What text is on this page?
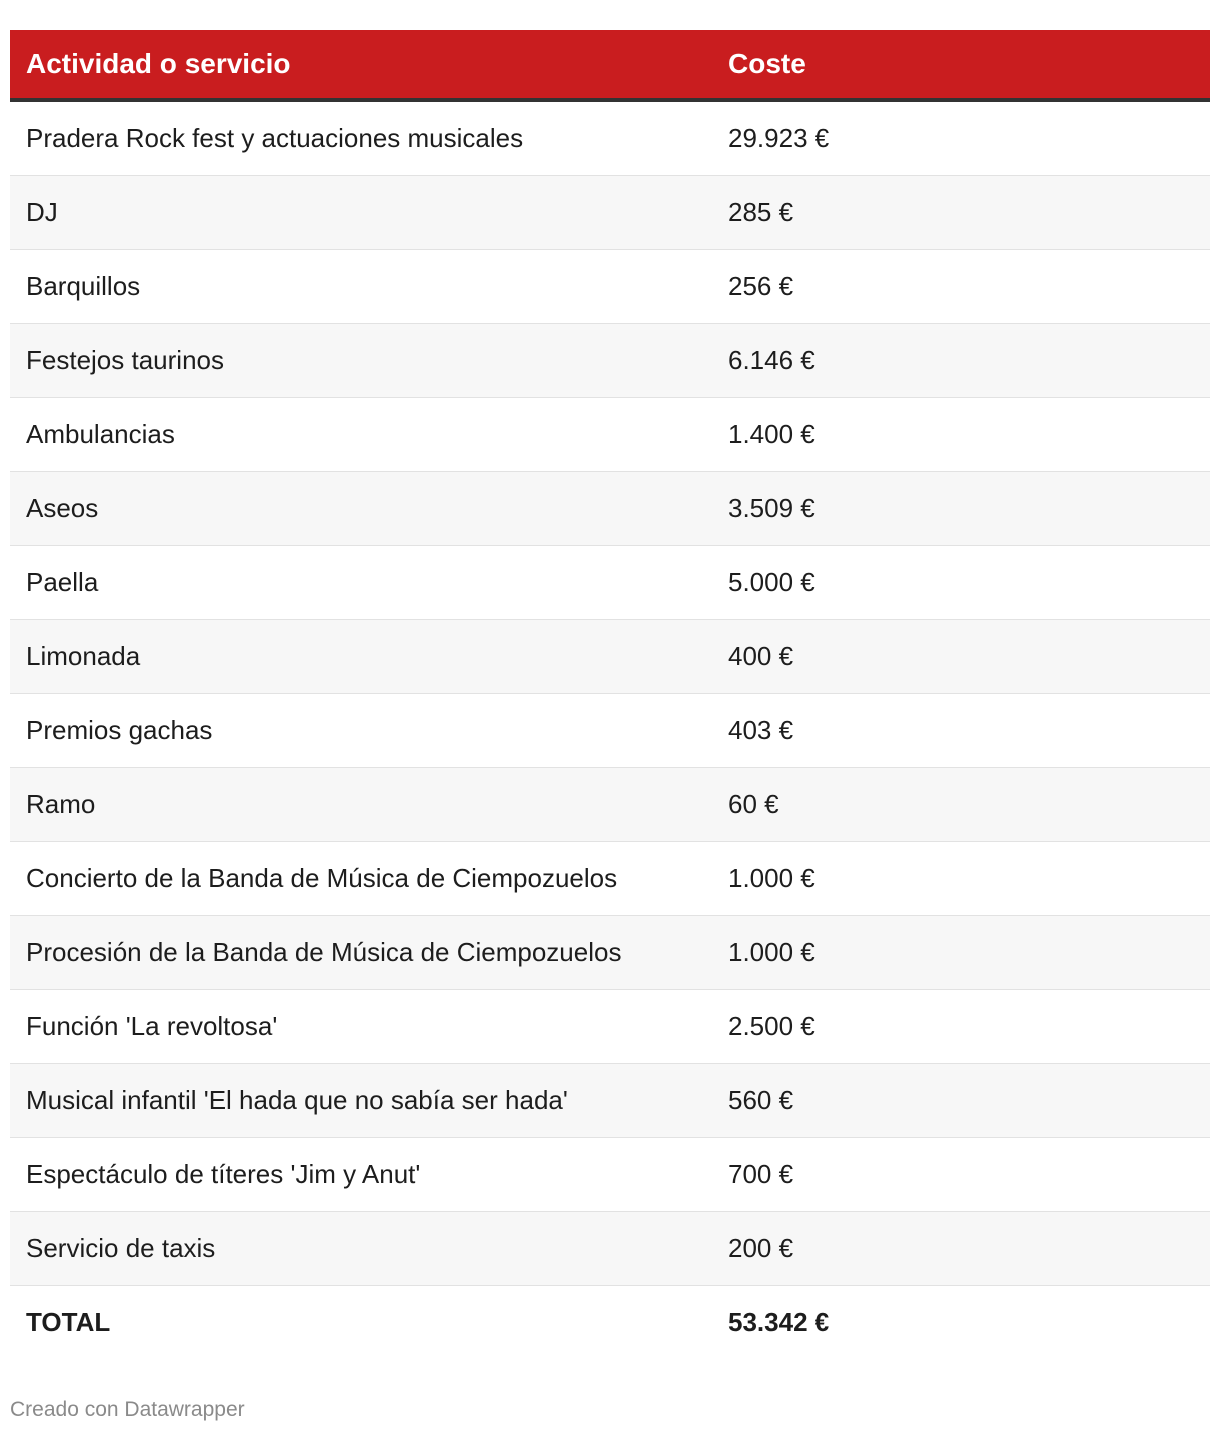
Actividad o servicio	Coste
Pradera Rock fest y actuaciones musicales	29.923 €
DJ	285 €
Barquillos	256 €
Festejos taurinos	6.146 €
Ambulancias	1.400 €
Aseos	3.509 €
Paella	5.000 €
Limonada	400 €
Premios gachas	403 €
Ramo	60 €
Concierto de la Banda de Música de Ciempozuelos	1.000 €
Procesión de la Banda de Música de Ciempozuelos	1.000 €
Función 'La revoltosa'	2.500 €
Musical infantil 'El hada que no sabía ser hada'	560 €
Espectáculo de títeres 'Jim y Anut'	700 €
Servicio de taxis	200 €
TOTAL	53.342 €
Creado con Datawrapper
